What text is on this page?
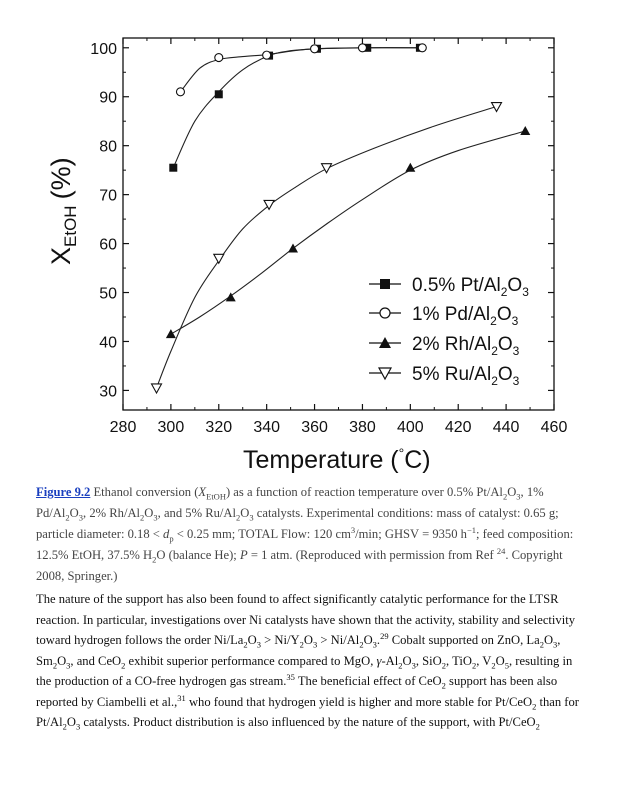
280 300 320 340 360 380 400 420 440 460
30
40
50
60
70
80
90
100
$X_{EtOH}(\%)$
Temperature (°C)
0.5% $Pt/Al_2O_3$
1% $Pd/Al_2O_3$
2% $Rh/Al_2O_3$
5% $Ru/Al_2O_3$
Figure 9.2 Ethanol conversion $(X_{EtOH})$ as a function of reaction temperature over 0.5% $Pt/Al_2O_3$, 1% $Pd/Al_2O_3$, 2% $Rh/Al_2O_3$, and 5% $Ru/Al_2O_3$ catalysts. Experimental conditions: mass of catalyst: 0.65 g; particle diameter: $0.18 < d_p < 0.25$ mm; TOTAL Flow: 120 $cm^3/\min$; GHSV = 9350 $h^{-1}$; feed composition: 12.5% EtOH, 37.5% $H_2O$ (balance He); P = 1 atm. (Reproduced with permission from Ref $^{24}$. Copyright 2008, Springer.)
The nature of the support has also been found to affect significantly catalytic performance for the LTSR reaction. In particular, investigations over Ni catalysts have shown that the activity, stability and selectivity toward hydrogen follows the order $Ni/La_2O_3 > Ni/Y_2O_3 > Ni/Al_2O_3.^{29}$ Cobalt supported on ZnO, $La_2O_3$, $Sm_2O_3$, and CeO$_2$ exhibit superior performance compared to MgO, $\gamma-Al_2O_3$, SiO$_2$, TiO$_2$, $V_2O_5$, resulting in the production of a CO-free hydrogen gas stream.$^{35}$ The beneficial effect of CeO$_2$ support has been also reported by Ciambelli et al.,$^{31}$ who found that hydrogen yield is higher and more stable for Pt/CeO$_2$ than for $Pt/Al_2O_3$ catalysts. Product distribution is also influenced by the nature of the support, with Pt/CeO$_2$
